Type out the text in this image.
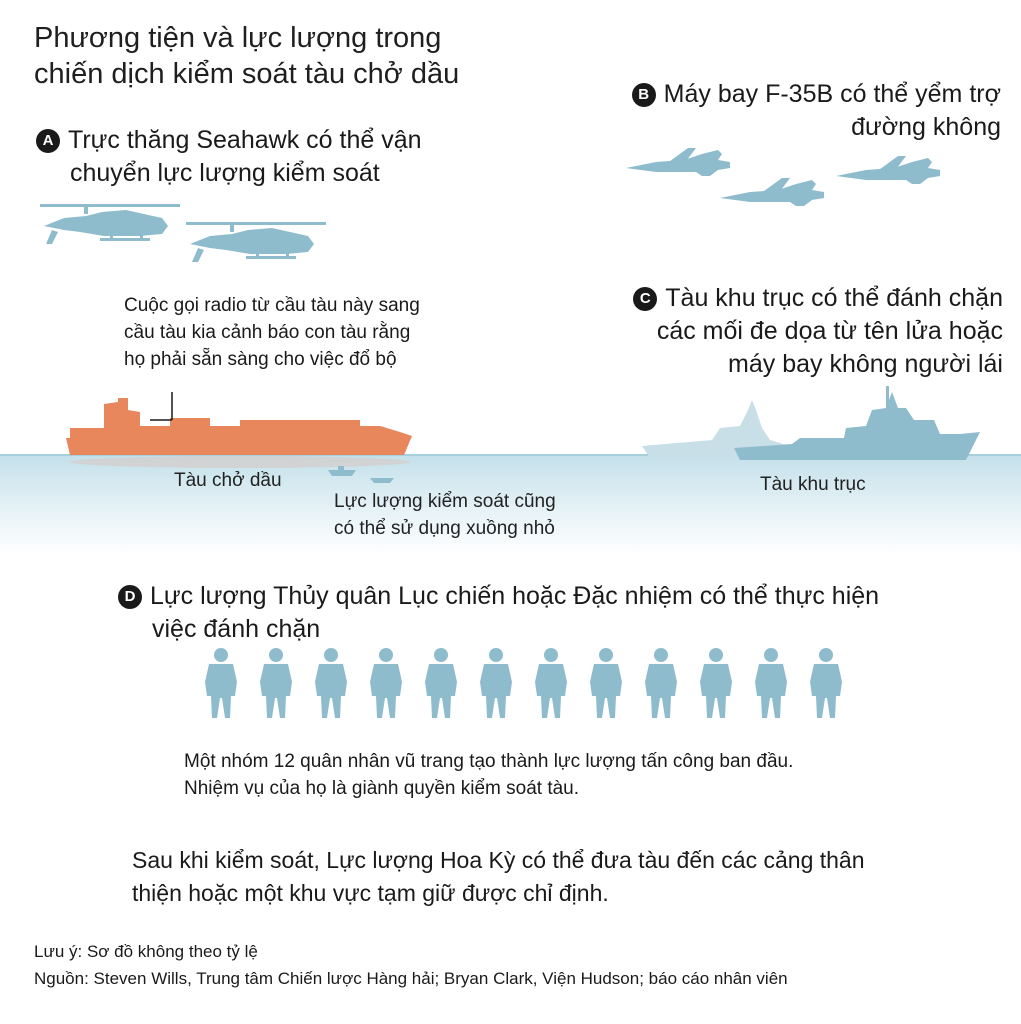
Phương tiện và lực lượng trong
chiến dịch kiểm soát tàu chở dầu
A Trực thăng Seahawk có thể vận
chuyển lực lượng kiểm soát
B Máy bay F-35B có thể yểm trợ
đường không
C Tàu khu trục có thể đánh chặn
các mối đe dọa từ tên lửa hoặc
máy bay không người lái
Cuộc gọi radio từ cầu tàu này sang
cầu tàu kia cảnh báo con tàu rằng
họ phải sẵn sàng cho việc đổ bộ
Tàu chở dầu
Lực lượng kiểm soát cũng
có thể sử dụng xuồng nhỏ
Tàu khu trục
D Lực lượng Thủy quân Lục chiến hoặc Đặc nhiệm có thể thực hiện
việc đánh chặn
Một nhóm 12 quân nhân vũ trang tạo thành lực lượng tấn công ban đầu.
Nhiệm vụ của họ là giành quyền kiểm soát tàu.
Sau khi kiểm soát, Lực lượng Hoa Kỳ có thể đưa tàu đến các cảng thân
thiện hoặc một khu vực tạm giữ được chỉ định.
Lưu ý: Sơ đồ không theo tỷ lệ
Nguồn: Steven Wills, Trung tâm Chiến lược Hàng hải; Bryan Clark, Viện Hudson; báo cáo nhân viên
